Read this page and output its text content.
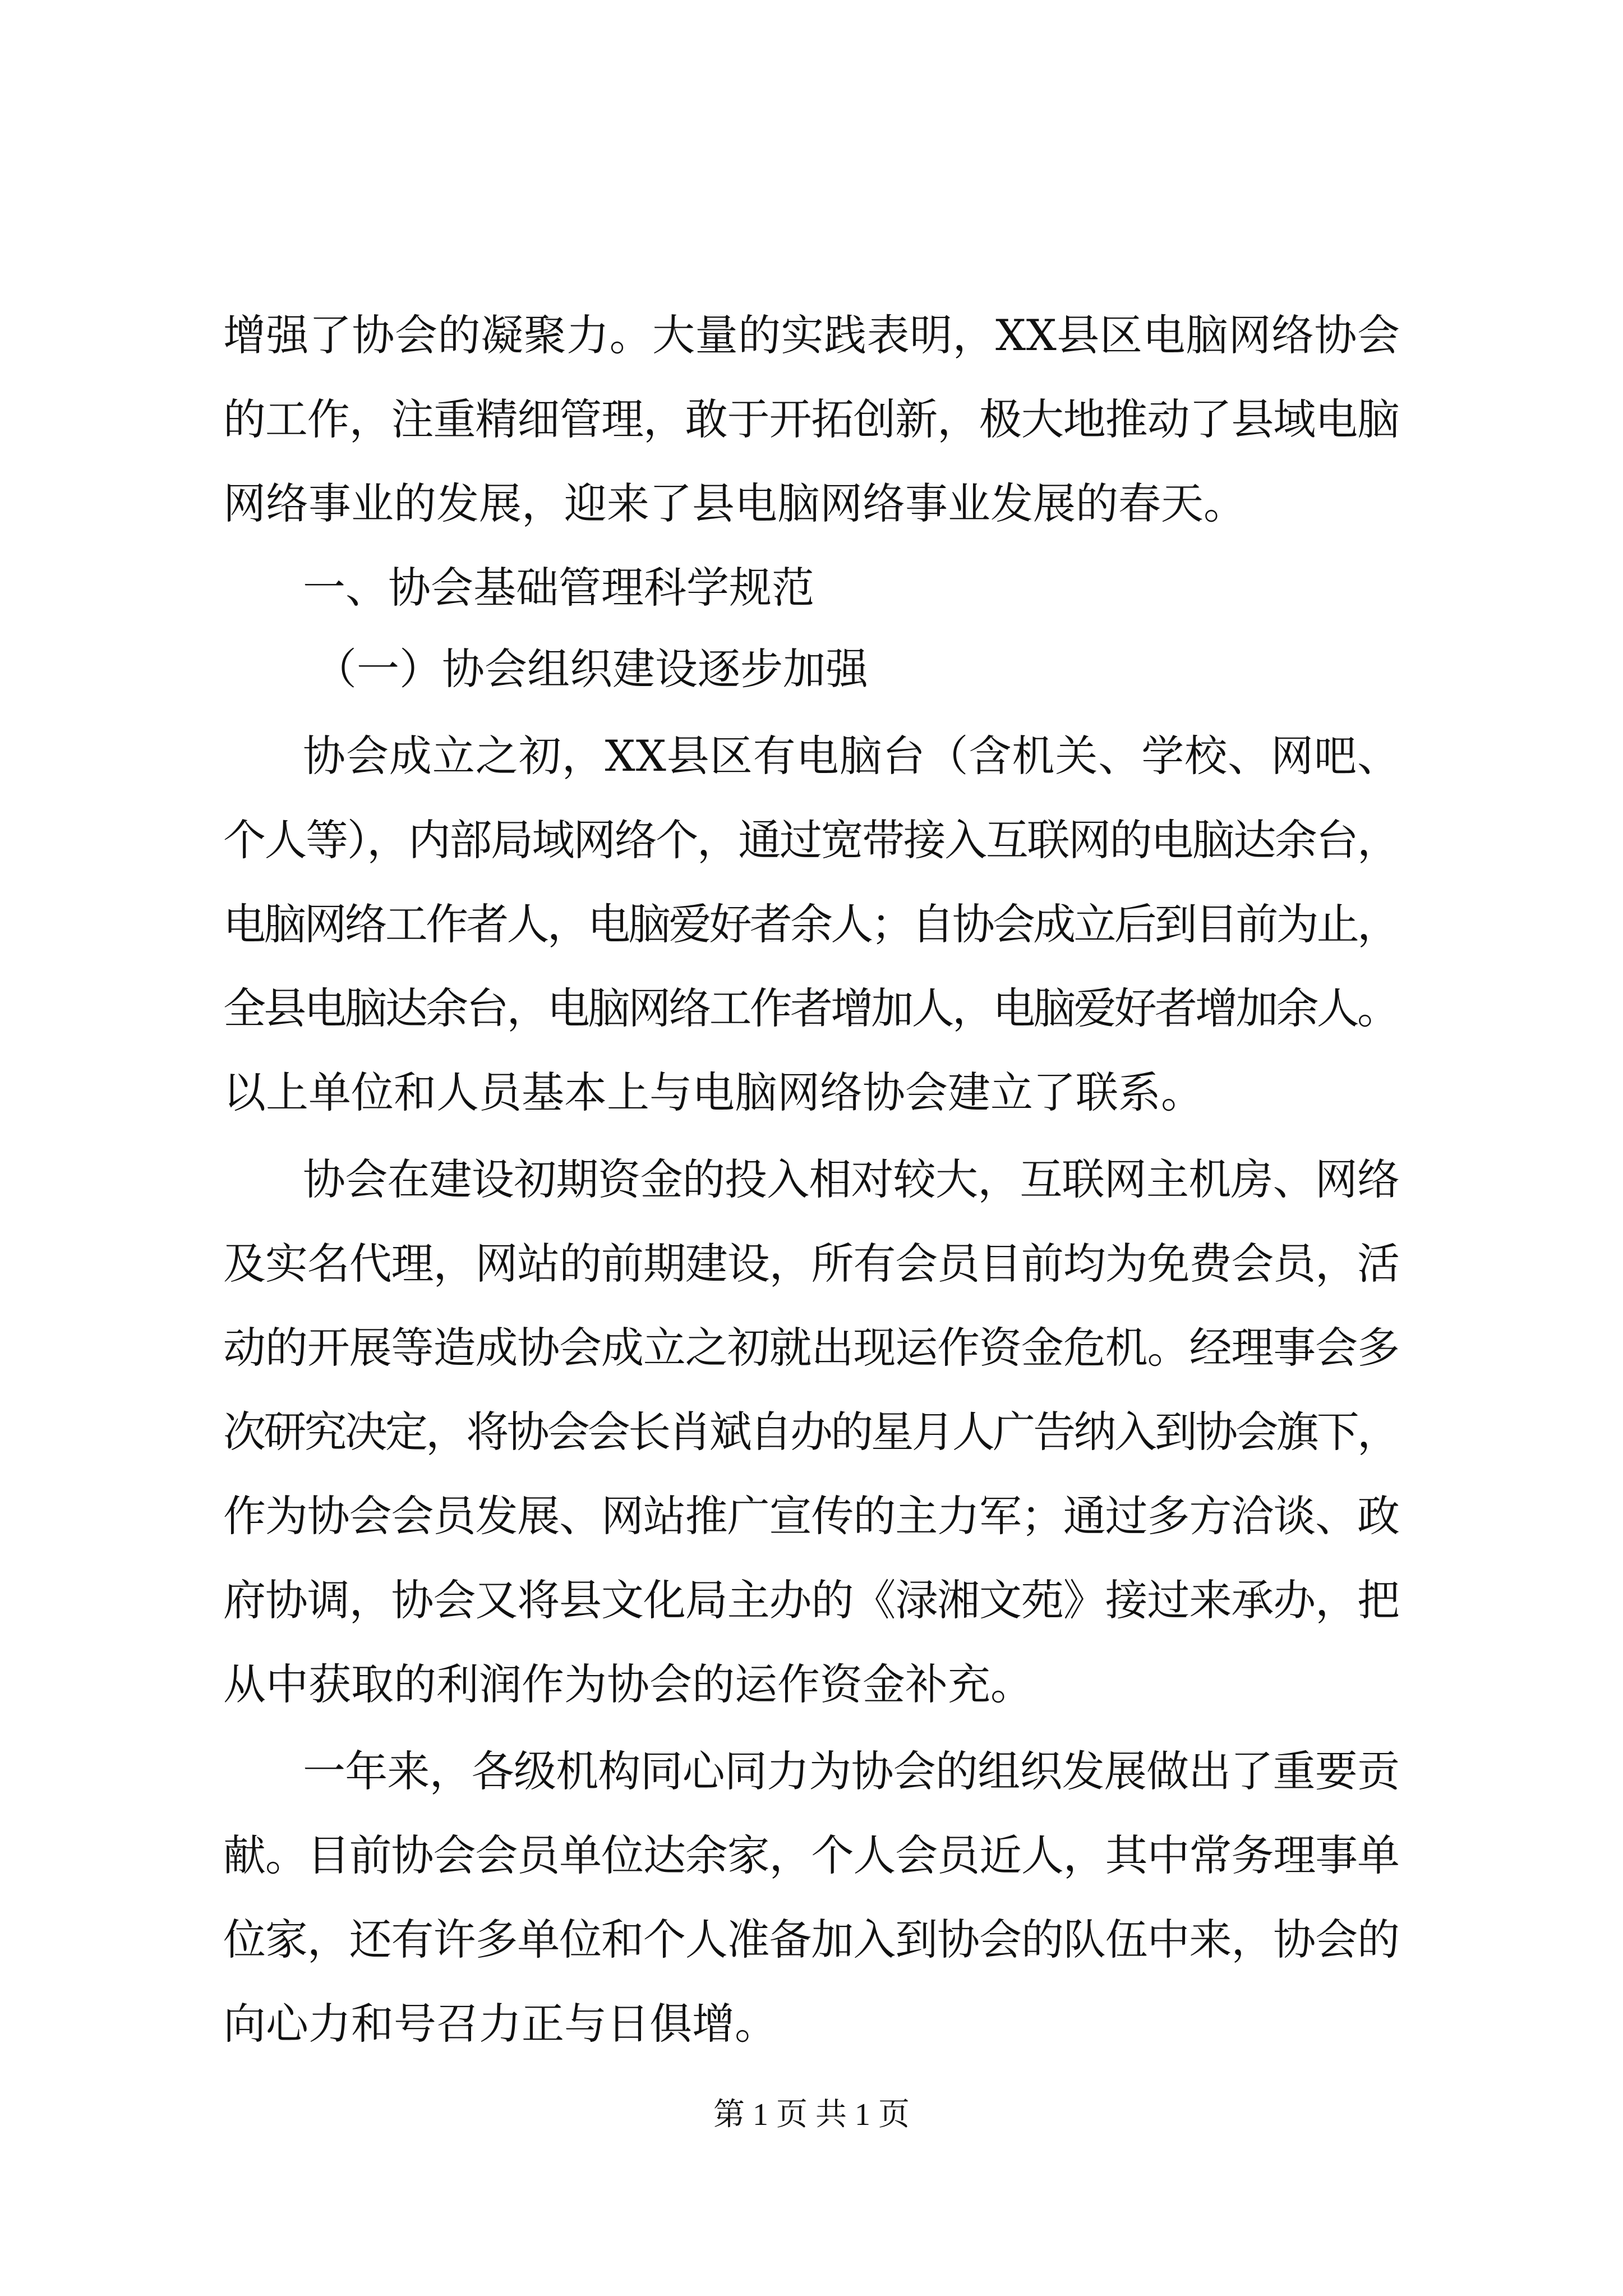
增强了协会的凝聚力。大量的实践表明，XX县区电脑网络协会

的工作，注重精细管理，敢于开拓创新，极大地推动了县域电脑

网络事业的发展，迎来了县电脑网络事业发展的春天。

一、协会基础管理科学规范

（一）协会组织建设逐步加强

协会成立之初，XX县区有电脑台（含机关、学校、网吧、

个人等），内部局域网络个，通过宽带接入互联网的电脑达余台，

电脑网络工作者人，电脑爱好者余人；自协会成立后到目前为止，

全县电脑达余台，电脑网络工作者增加人，电脑爱好者增加余人。

以上单位和人员基本上与电脑网络协会建立了联系。

协会在建设初期资金的投入相对较大，互联网主机房、网络

及实名代理，网站的前期建设，所有会员目前均为免费会员，活

动的开展等造成协会成立之初就出现运作资金危机。经理事会多

次研究决定，将协会会长肖斌自办的星月人广告纳入到协会旗下，

作为协会会员发展、网站推广宣传的主力军；通过多方洽谈、政

府协调，协会又将县文化局主办的《渌湘文苑》接过来承办，把

从中获取的利润作为协会的运作资金补充。

一年来，各级机构同心同力为协会的组织发展做出了重要贡

献。目前协会会员单位达余家，个人会员近人，其中常务理事单

位家，还有许多单位和个人准备加入到协会的队伍中来，协会的

向心力和号召力正与日俱增。

第 1 页 共 1 页
